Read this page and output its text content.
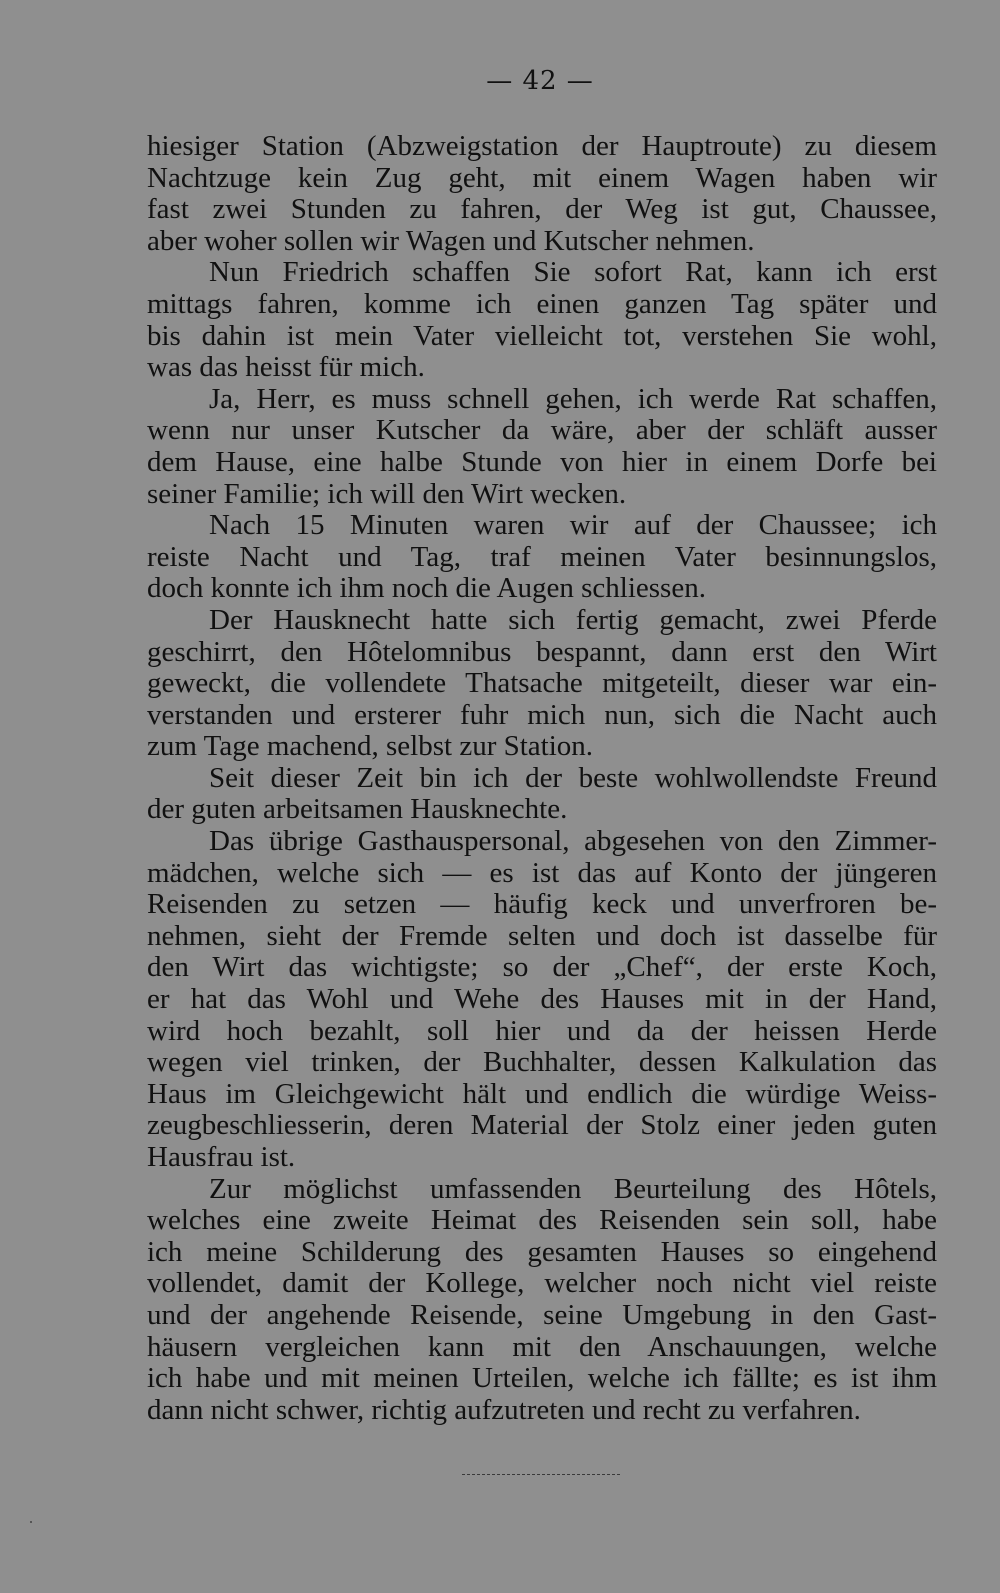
— 42 —
hiesiger Station (Abzweigstation der Hauptroute) zu diesem
Nachtzuge kein Zug geht, mit einem Wagen haben wir
fast zwei Stunden zu fahren, der Weg ist gut, Chaussee,
aber woher sollen wir Wagen und Kutscher nehmen.
Nun Friedrich schaffen Sie sofort Rat, kann ich erst
mittags fahren, komme ich einen ganzen Tag später und
bis dahin ist mein Vater vielleicht tot, verstehen Sie wohl,
was das heisst für mich.
Ja, Herr, es muss schnell gehen, ich werde Rat schaffen,
wenn nur unser Kutscher da wäre, aber der schläft ausser
dem Hause, eine halbe Stunde von hier in einem Dorfe bei
seiner Familie; ich will den Wirt wecken.
Nach 15 Minuten waren wir auf der Chaussee; ich
reiste Nacht und Tag, traf meinen Vater besinnungslos,
doch konnte ich ihm noch die Augen schliessen.
Der Hausknecht hatte sich fertig gemacht, zwei Pferde
geschirrt, den Hôtelomnibus bespannt, dann erst den Wirt
geweckt, die vollendete Thatsache mitgeteilt, dieser war ein-
verstanden und ersterer fuhr mich nun, sich die Nacht auch
zum Tage machend, selbst zur Station.
Seit dieser Zeit bin ich der beste wohlwollendste Freund
der guten arbeitsamen Hausknechte.
Das übrige Gasthauspersonal, abgesehen von den Zimmer-
mädchen, welche sich — es ist das auf Konto der jüngeren
Reisenden zu setzen — häufig keck und unverfroren be-
nehmen, sieht der Fremde selten und doch ist dasselbe für
den Wirt das wichtigste; so der „Chef“, der erste Koch,
er hat das Wohl und Wehe des Hauses mit in der Hand,
wird hoch bezahlt, soll hier und da der heissen Herde
wegen viel trinken, der Buchhalter, dessen Kalkulation das
Haus im Gleichgewicht hält und endlich die würdige Weiss-
zeugbeschliesserin, deren Material der Stolz einer jeden guten
Hausfrau ist.
Zur möglichst umfassenden Beurteilung des Hôtels,
welches eine zweite Heimat des Reisenden sein soll, habe
ich meine Schilderung des gesamten Hauses so eingehend
vollendet, damit der Kollege, welcher noch nicht viel reiste
und der angehende Reisende, seine Umgebung in den Gast-
häusern vergleichen kann mit den Anschauungen, welche
ich habe und mit meinen Urteilen, welche ich fällte; es ist ihm
dann nicht schwer, richtig aufzutreten und recht zu verfahren.
